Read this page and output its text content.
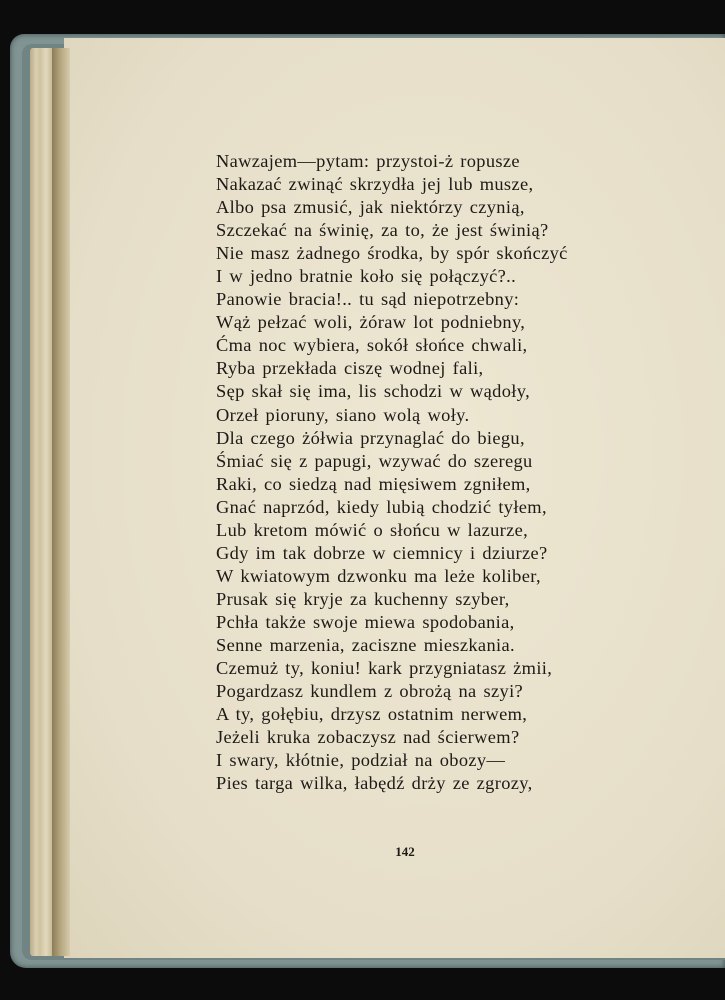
Nawzajem—pytam: przystoi-ż ropusze
Nakazać zwinąć skrzydła jej lub musze,
Albo psa zmusić, jak niektórzy czynią,
Szczekać na świnię, za to, że jest świnią?
Nie masz żadnego środka, by spór skończyć
I w jedno bratnie koło się połączyć?..
Panowie bracia!.. tu sąd niepotrzebny:
Wąż pełzać woli, żóraw lot podniebny,
Ćma noc wybiera, sokół słońce chwali,
Ryba przekłada ciszę wodnej fali,
Sęp skał się ima, lis schodzi w wądoły,
Orzeł pioruny, siano wolą woły.
Dla czego żółwia przynaglać do biegu,
Śmiać się z papugi, wzywać do szeregu
Raki, co siedzą nad mięsiwem zgniłem,
Gnać naprzód, kiedy lubią chodzić tyłem,
Lub kretom mówić o słońcu w lazurze,
Gdy im tak dobrze w ciemnicy i dziurze?
W kwiatowym dzwonku ma leże koliber,
Prusak się kryje za kuchenny szyber,
Pchła także swoje miewa spodobania,
Senne marzenia, zaciszne mieszkania.
Czemuż ty, koniu! kark przygniatasz żmii,
Pogardzasz kundlem z obrożą na szyi?
A ty, gołębiu, drzysz ostatnim nerwem,
Jeżeli kruka zobaczysz nad ścierwem?
I swary, kłótnie, podział na obozy—
Pies targa wilka, łabędź drży ze zgrozy,
142
